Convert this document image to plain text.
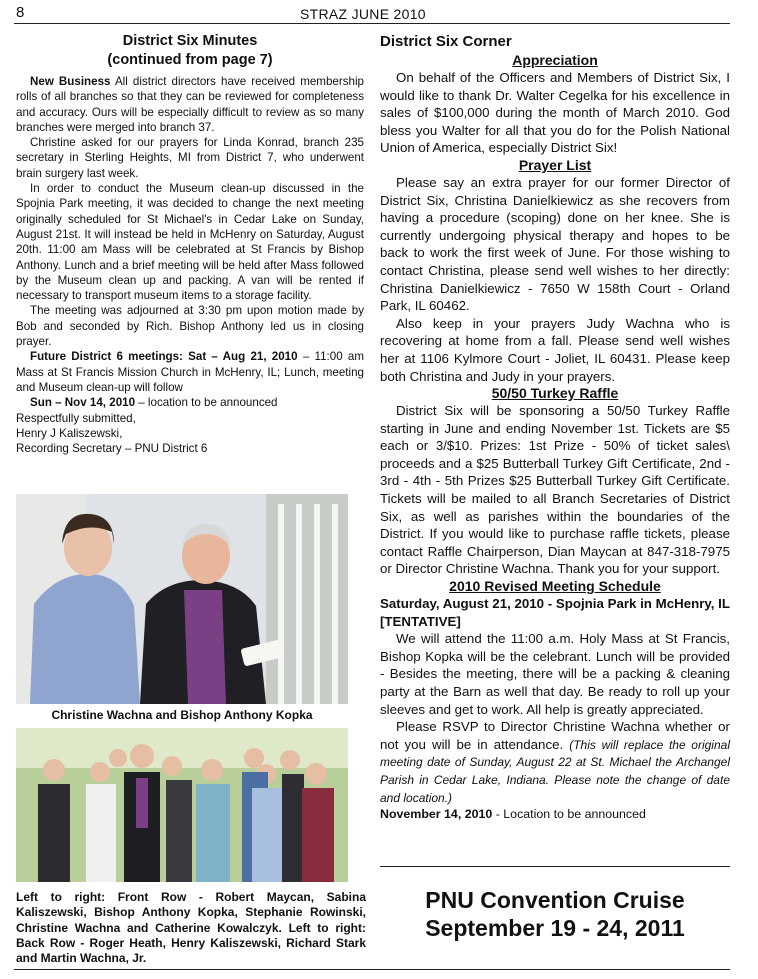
8	STRAZ JUNE 2010
District Six Minutes
(continued from page 7)

New Business All district directors have received membership rolls of all branches so that they can be reviewed for completeness and accuracy. Ours will be especially difficult to review as so many branches were merged into branch 37.

Christine asked for our prayers for Linda Konrad, branch 235 secretary in Sterling Heights, MI from District 7, who underwent brain surgery last week.

In order to conduct the Museum clean-up discussed in the Spojnia Park meeting, it was decided to change the next meeting originally scheduled for St Michael's in Cedar Lake on Sunday, August 21st. It will instead be held in McHenry on Saturday, August 20th. 11:00 am Mass will be celebrated at St Francis by Bishop Anthony. Lunch and a brief meeting will be held after Mass followed by the Museum clean up and packing. A van will be rented if necessary to transport museum items to a storage facility.

The meeting was adjourned at 3:30 pm upon motion made by Bob and seconded by Rich. Bishop Anthony led us in closing prayer.

Future District 6 meetings: Sat – Aug 21, 2010 – 11:00 am Mass at St Francis Mission Church in McHenry, IL; Lunch, meeting and Museum clean-up will follow

Sun – Nov 14, 2010 – location to be announced

Respectfully submitted,

Henry J Kaliszewski,

Recording Secretary – PNU District 6

Christine Wachna and Bishop Anthony Kopka
Left to right: Front Row - Robert Maycan, Sabina Kaliszewski, Bishop Anthony Kopka, Stephanie Rowinski, Christine Wachna and Catherine Kowalczyk. Left to right: Back Row - Roger Heath, Henry Kaliszewski, Richard Stark and Martin Wachna, Jr.
District Six Corner

Appreciation

On behalf of the Officers and Members of District Six, I would like to thank Dr. Walter Cegelka for his excellence in sales of $100,000 during the month of March 2010. God bless you Walter for all that you do for the Polish National Union of America, especially District Six!

Prayer List

Please say an extra prayer for our former Director of District Six, Christina Danielkiewicz as she recovers from having a procedure (scoping) done on her knee. She is currently undergoing physical therapy and hopes to be back to work the first week of June. For those wishing to contact Christina, please send well wishes to her directly: Christina Danielkiewicz - 7650 W 158th Court - Orland Park, IL 60462.

Also keep in your prayers Judy Wachna who is recovering at home from a fall. Please send well wishes her at 1106 Kylmore Court - Joliet, IL 60431. Please keep both Christina and Judy in your prayers.

50/50 Turkey Raffle

District Six will be sponsoring a 50/50 Turkey Raffle starting in June and ending November 1st. Tickets are $5 each or 3/$10. Prizes: 1st Prize - 50% of ticket sales\ proceeds and a $25 Butterball Turkey Gift Certificate, 2nd - 3rd - 4th - 5th Prizes $25 Butterball Turkey Gift Certificate. Tickets will be mailed to all Branch Secretaries of District Six, as well as parishes within the boundaries of the District. If you would like to purchase raffle tickets, please contact Raffle Chairperson, Dian Maycan at 847-318-7975 or Director Christine Wachna. Thank you for your support.

2010 Revised Meeting Schedule

Saturday, August 21, 2010 - Spojnia Park in McHenry, IL [TENTATIVE]

We will attend the 11:00 a.m. Holy Mass at St Francis, Bishop Kopka will be the celebrant. Lunch will be provided - Besides the meeting, there will be a packing & cleaning party at the Barn as well that day. Be ready to roll up your sleeves and get to work. All help is greatly appreciated.

Please RSVP to Director Christine Wachna whether or not you will be in attendance. (This will replace the original meeting date of Sunday, August 22 at St. Michael the Archangel Parish in Cedar Lake, Indiana. Please note the change of date and location.)

November 14, 2010 - Location to be announced

PNU Convention Cruise
September 19 - 24, 2011
